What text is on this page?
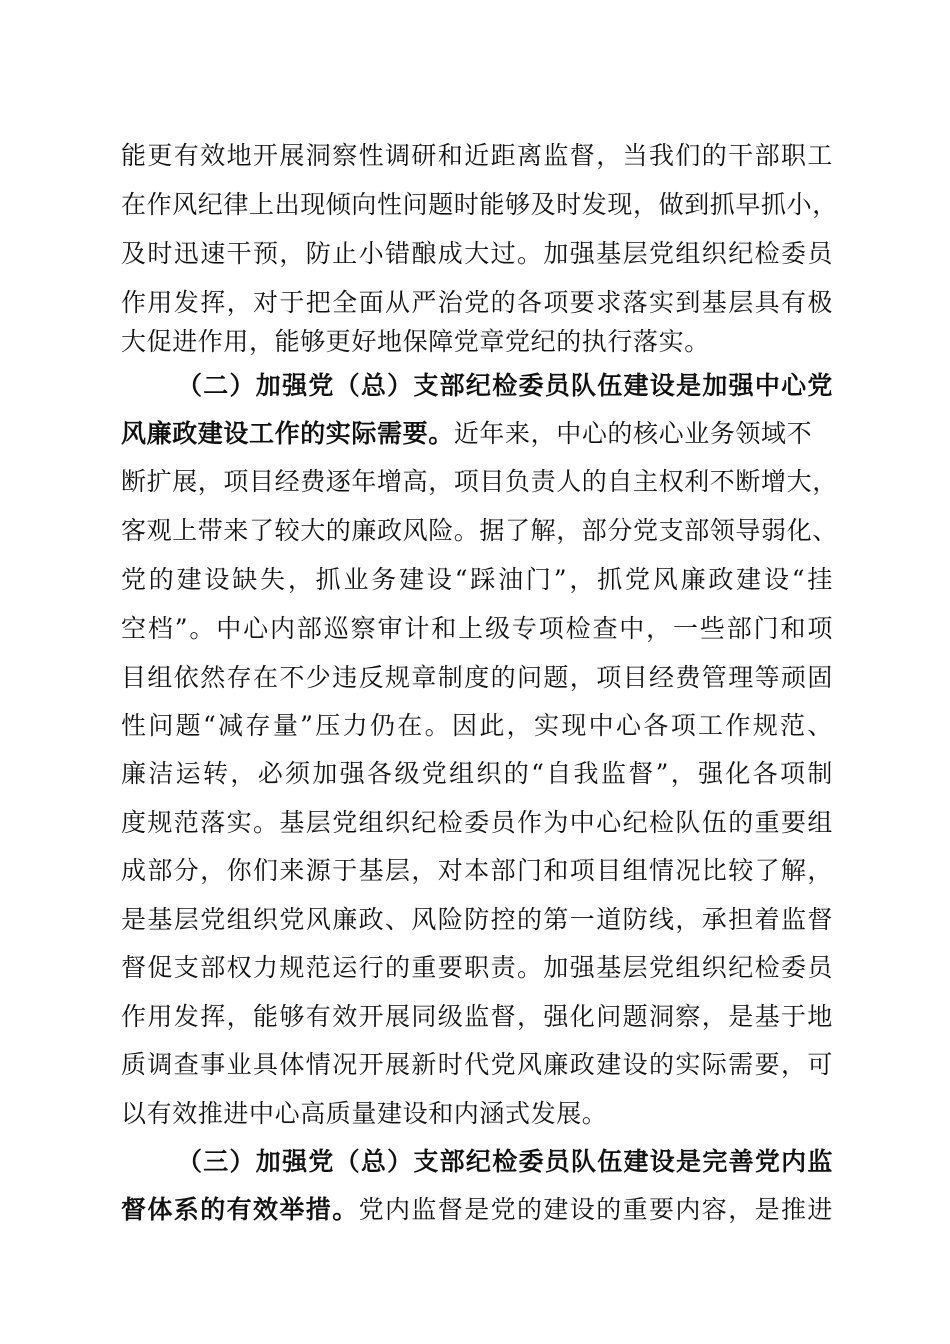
能更有效地开展洞察性调研和近距离监督，当我们的干部职工

在作风纪律上出现倾向性问题时能够及时发现，做到抓早抓小，

及时迅速干预，防止小错酿成大过。加强基层党组织纪检委员

作用发挥，对于把全面从严治党的各项要求落实到基层具有极

大促进作用，能够更好地保障党章党纪的执行落实。

（二）加强党（总）支部纪检委员队伍建设是加强中心党

风廉政建设工作的实际需要。近年来，中心的核心业务领域不

断扩展，项目经费逐年增高，项目负责人的自主权利不断增大，

客观上带来了较大的廉政风险。据了解，部分党支部领导弱化、

党的建设缺失，抓业务建设“踩油门”，抓党风廉政建设“挂

空档”。中心内部巡察审计和上级专项检查中，一些部门和项

目组依然存在不少违反规章制度的问题，项目经费管理等顽固

性问题“减存量”压力仍在。因此，实现中心各项工作规范、

廉洁运转，必须加强各级党组织的“自我监督”，强化各项制

度规范落实。基层党组织纪检委员作为中心纪检队伍的重要组

成部分，你们来源于基层，对本部门和项目组情况比较了解，

是基层党组织党风廉政、风险防控的第一道防线，承担着监督

督促支部权力规范运行的重要职责。加强基层党组织纪检委员

作用发挥，能够有效开展同级监督，强化问题洞察，是基于地

质调查事业具体情况开展新时代党风廉政建设的实际需要，可

以有效推进中心高质量建设和内涵式发展。

（三）加强党（总）支部纪检委员队伍建设是完善党内监

督体系的有效举措。党内监督是党的建设的重要内容，是推进
